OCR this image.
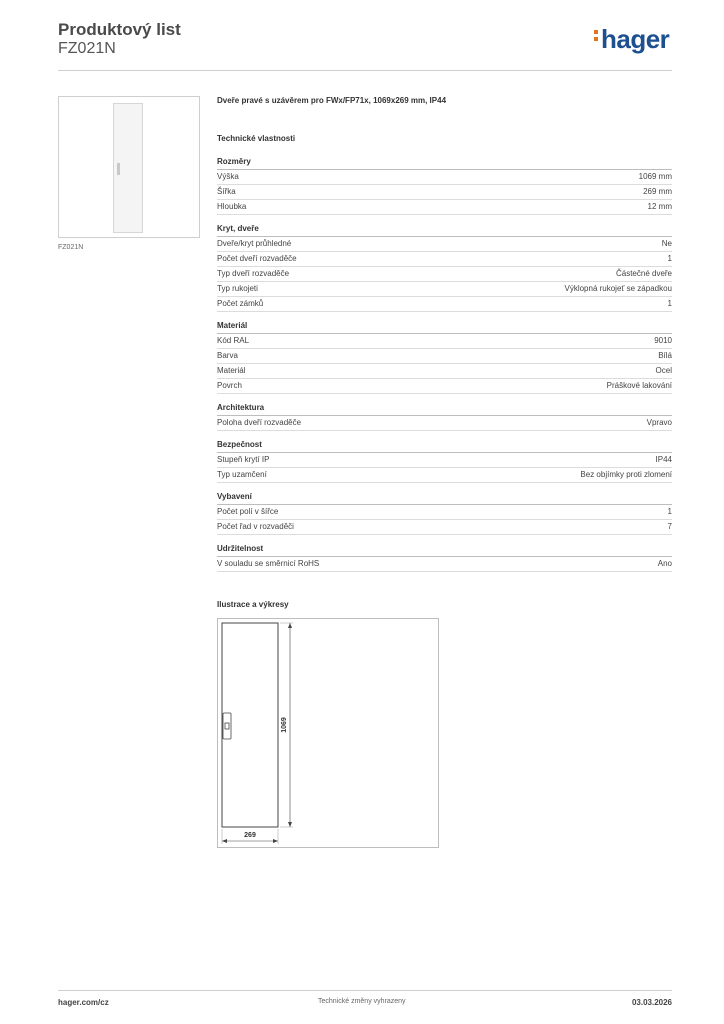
Produktový list
FZ021N	hager
FZ021N
Dveře pravé s uzávěrem pro FWx/FP71x, 1069x269 mm, IP44
Technické vlastnosti
Rozměry
Výška	1069 mm
Šířka	269 mm
Hloubka	12 mm
Kryt, dveře
Dveře/kryt průhledné	Ne
Počet dveří rozvaděče	1
Typ dveří rozvaděče	Částečné dveře
Typ rukojeti	Výklopná rukojeť se západkou
Počet zámků	1
Materiál
Kód RAL	9010
Barva	Bílá
Materiál	Ocel
Povrch	Práškové lakování
Architektura
Poloha dveří rozvaděče	Vpravo
Bezpečnost
Stupeň krytí IP	IP44
Typ uzamčení	Bez objímky proti zlomení
Vybavení
Počet polí v šířce	1
Počet řad v rozvaděči	7
Udržitelnost
V souladu se směrnicí RoHS	Ano
Ilustrace a výkresy
1069
269
hager.com/cz	Technické změny vyhrazeny	03.03.2026
